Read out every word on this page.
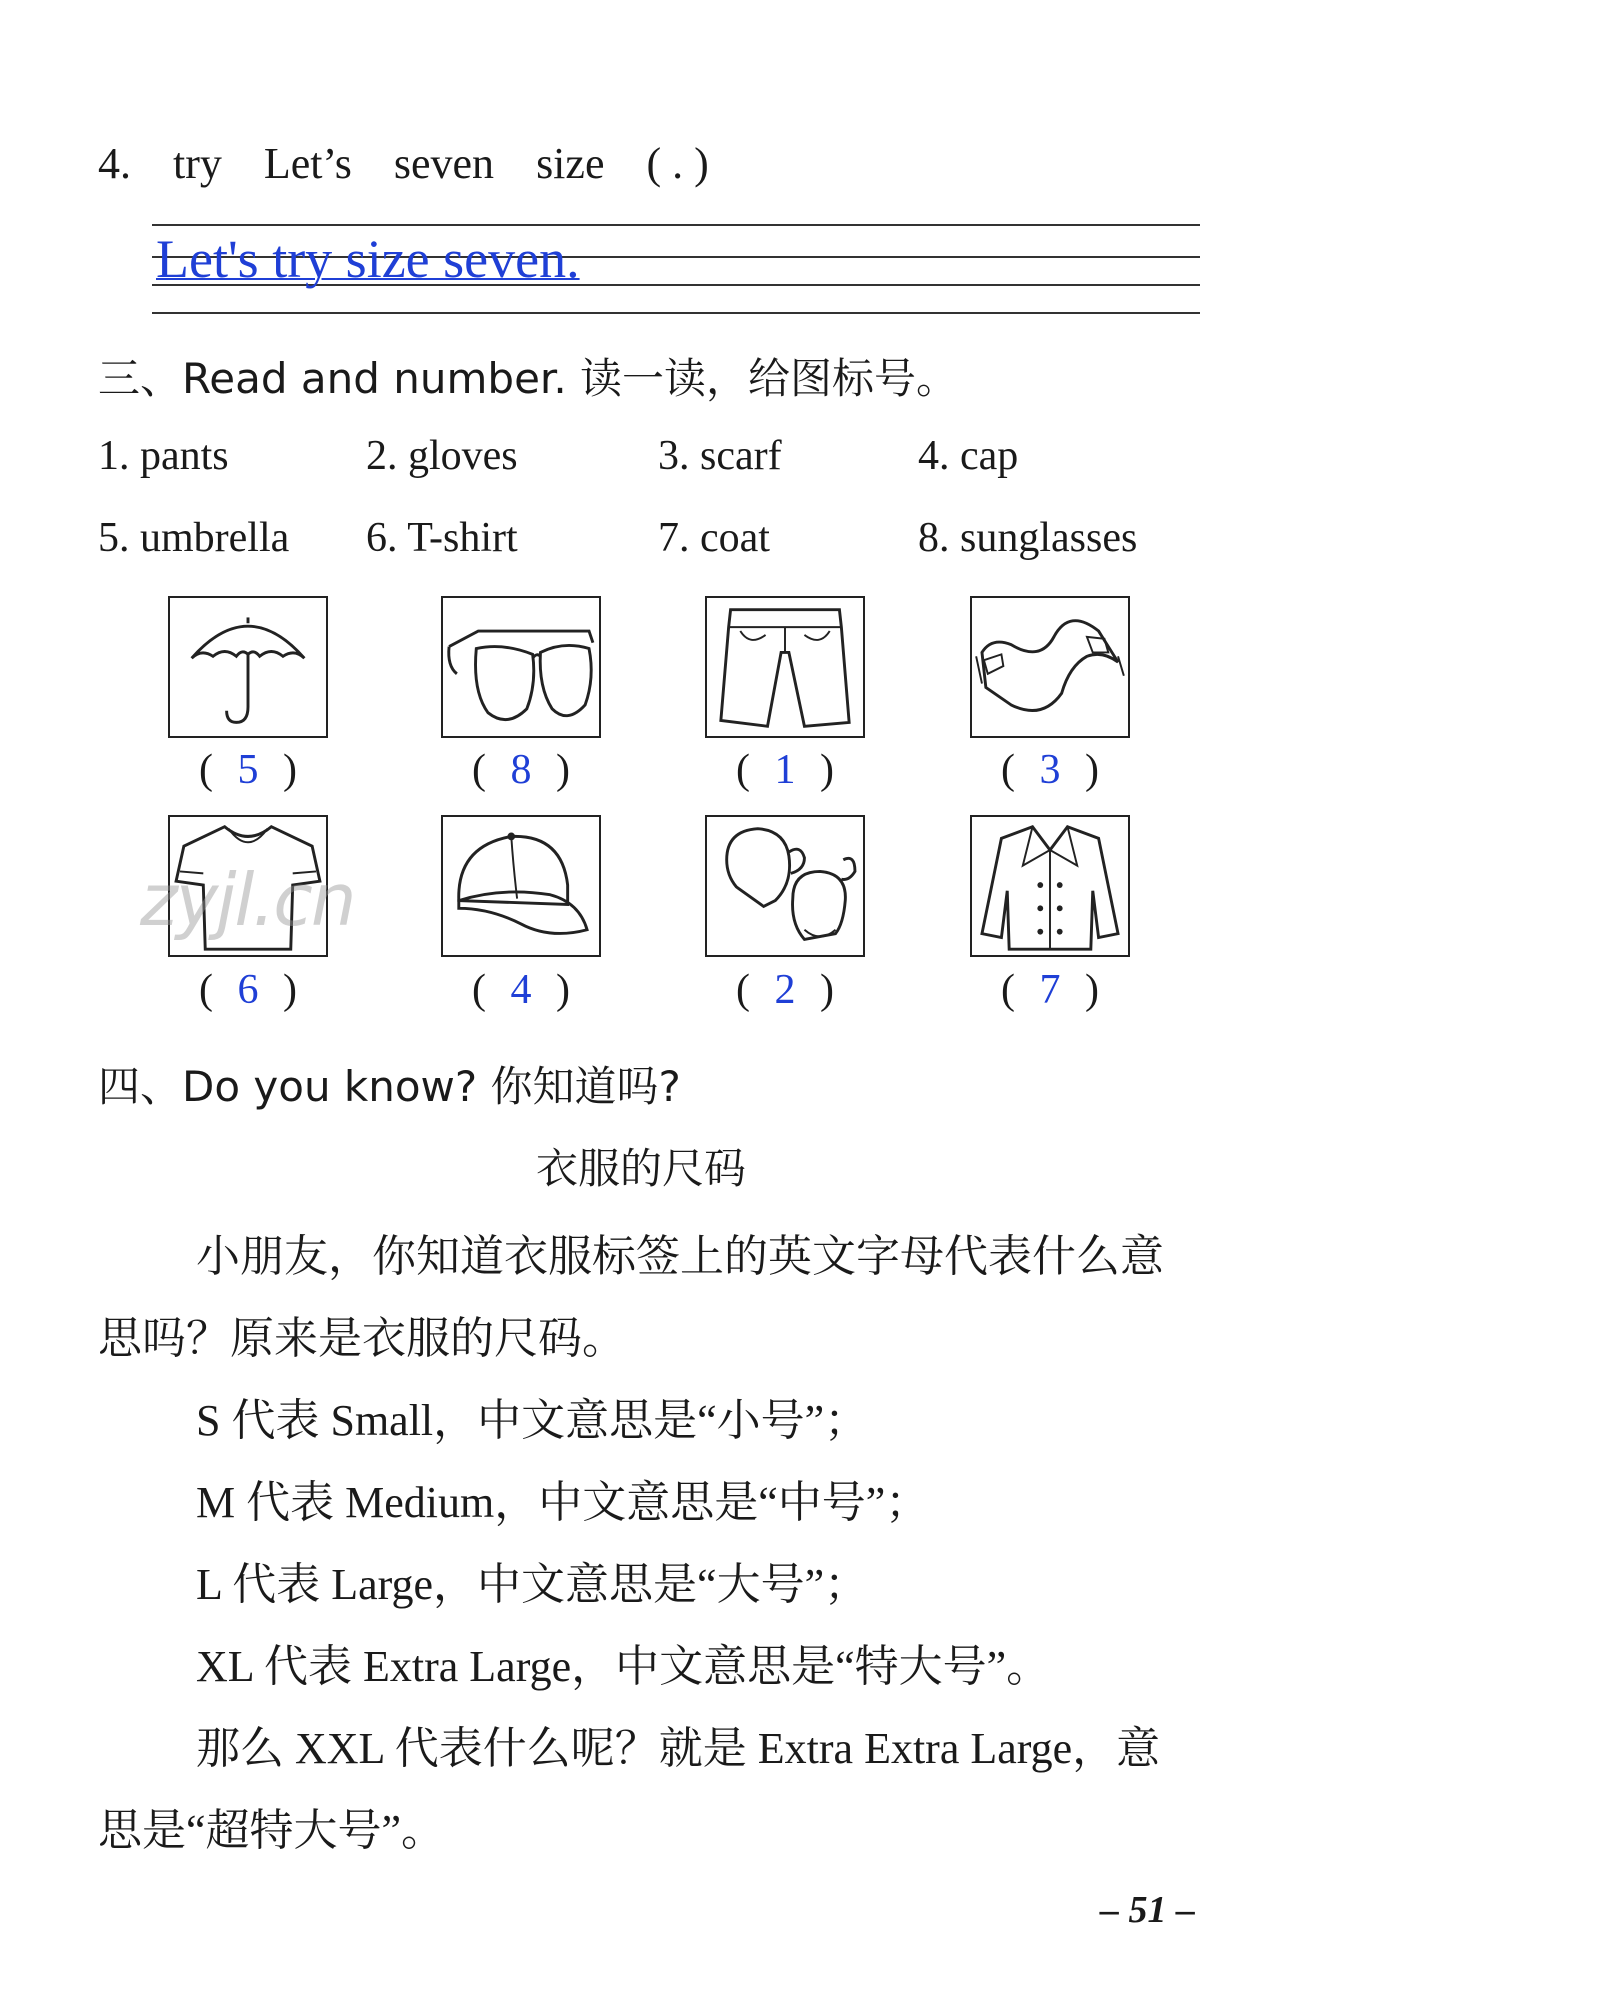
4. try Let’s seven size ( . )
Let's try size seven.
三、Read and number. 读一读，给图标号。
1. pants	2. gloves	3. scarf	4. cap
5. umbrella 6. T-shirt	7. coat	8. sunglasses
( 5 )	( 8 )	( 1 )	( 3 )
zyjl.cn
( 6 )	( 4 )	( 2 )	( 7 )
四、Do you know? 你知道吗?
衣服的尺码
小朋友，你知道衣服标签上的英文字母代表什么意
思吗？原来是衣服的尺码。
S 代表 Small，中文意思是“小号”；
M 代表 Medium，中文意思是“中号”；
L 代表 Large，中文意思是“大号”；
XL 代表 Extra Large，中文意思是“特大号”。
那么 XXL 代表什么呢？就是 Extra Extra Large，意
思是“超特大号”。
– 51 –
